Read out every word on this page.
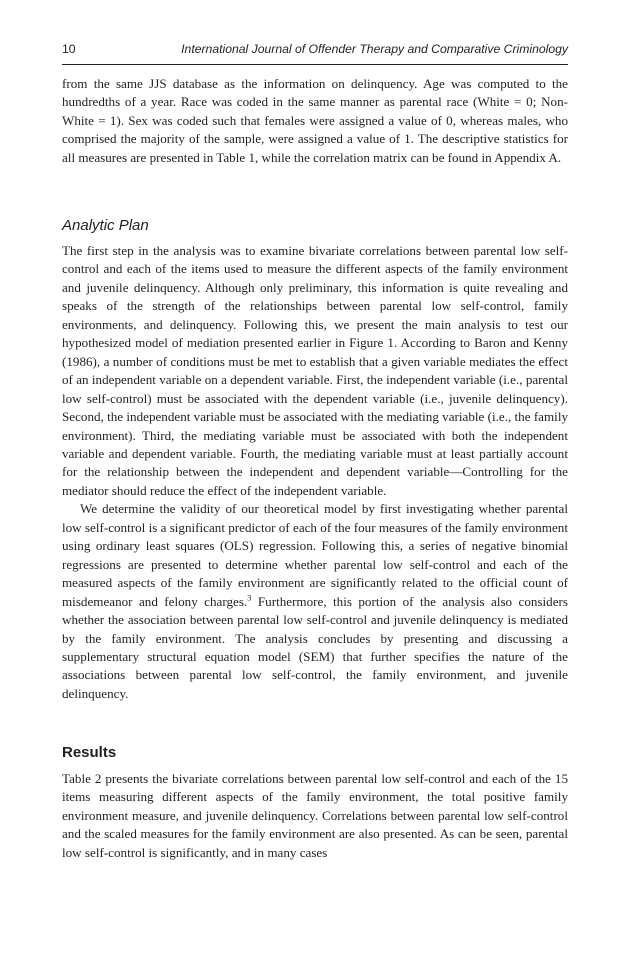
10	International Journal of Offender Therapy and Comparative Criminology

from the same JJS database as the information on delinquency. Age was computed to the hundredths of a year. Race was coded in the same manner as parental race (White = 0; Non-White = 1). Sex was coded such that females were assigned a value of 0, whereas males, who comprised the majority of the sample, were assigned a value of 1. The descriptive statistics for all measures are presented in Table 1, while the correlation matrix can be found in Appendix A.

Analytic Plan

The first step in the analysis was to examine bivariate correlations between parental low self-control and each of the items used to measure the different aspects of the family environment and juvenile delinquency. Although only preliminary, this information is quite revealing and speaks of the strength of the relationships between parental low self-control, family environments, and delinquency. Following this, we present the main analysis to test our hypothesized model of mediation presented earlier in Figure 1. According to Baron and Kenny (1986), a number of conditions must be met to establish that a given variable mediates the effect of an independent variable on a dependent variable. First, the independent variable (i.e., parental low self-control) must be associated with the dependent variable (i.e., juvenile delinquency). Second, the independent variable must be associated with the mediating variable (i.e., the family environment). Third, the mediating variable must be associated with both the independent variable and dependent variable. Fourth, the mediating variable must at least partially account for the relationship between the independent and dependent variable—Controlling for the mediator should reduce the effect of the independent variable.

We determine the validity of our theoretical model by first investigating whether parental low self-control is a significant predictor of each of the four measures of the family environment using ordinary least squares (OLS) regression. Following this, a series of negative binomial regressions are presented to determine whether parental low self-control and each of the measured aspects of the family environment are significantly related to the official count of misdemeanor and felony charges.$^3$ Furthermore, this portion of the analysis also considers whether the association between parental low self-control and juvenile delinquency is mediated by the family environment. The analysis concludes by presenting and discussing a supplementary structural equation model (SEM) that further specifies the nature of the associations between parental low self-control, the family environment, and juvenile delinquency.

Results

Table 2 presents the bivariate correlations between parental low self-control and each of the 15 items measuring different aspects of the family environment, the total positive family environment measure, and juvenile delinquency. Correlations between parental low self-control and the scaled measures for the family environment are also presented. As can be seen, parental low self-control is significantly, and in many cases
